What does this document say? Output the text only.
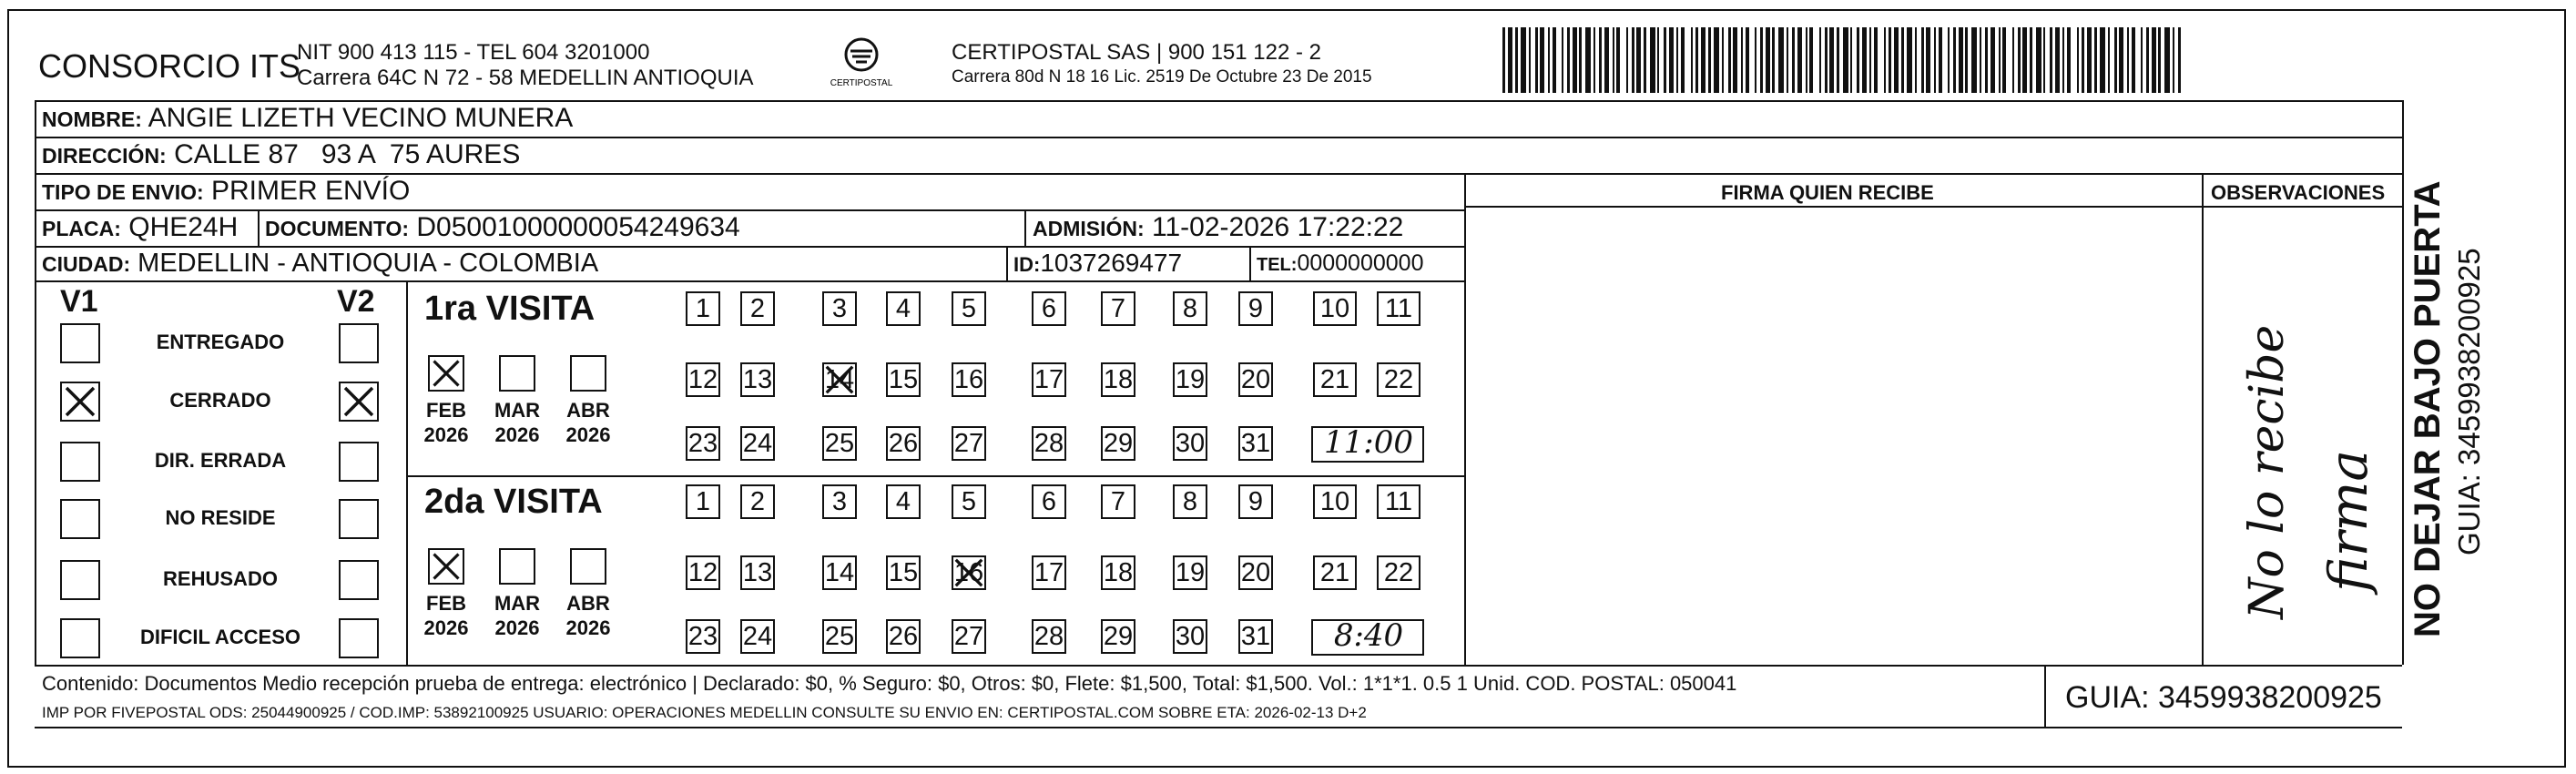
CONSORCIO ITS
NIT 900 413 115 - TEL 604 3201000
Carrera 64C N 72 - 58 MEDELLIN ANTIOQUIA	CERTIPOSTAL
CERTIPOSTAL SAS | 900 151 122 - 2
Carrera 80d N 18 16 Lic. 2519 De Octubre 23 De 2015
NOMBRE: ANGIE LIZETH VECINO MUNERA
DIRECCIÓN: CALLE 87   93 A  75 AURES
TIPO DE ENVIO: PRIMER ENVÍO	FIRMA QUIEN RECIBE	OBSERVACIONES
PLACA: QHE24H DOCUMENTO: D05001000000054249634	ADMISIÓN: 11-02-2026 17:22:22
CIUDAD: MEDELLIN - ANTIOQUIA - COLOMBIA	ID:1037269477	TEL:0000000000
V1	V2
ENTREGADO
CERRADO
DIR. ERRADA
NO RESIDE
REHUSADO
DIFICIL ACCESO
1ra VISITA
FEB
2026
MAR
2026
ABR
2026
1	2	3	4	5	6	7	8	9	10	11
12 13 14 15 16 17 18 19 20 21 22
23 24 25 26 27 28 29 30 31 11:00
2da VISITA
FEB
2026
MAR
2026
ABR
2026
1	2	3	4	5	6	7	8	9	10	11
12 13 14 15 16 17 18 19 20 21 22
23 24 25 26 27 28 29 30 31	8:40
Contenido: Documentos Medio recepción prueba de entrega: electrónico | Declarado: $0, % Seguro: $0, Otros: $0, Flete: $1,500, Total: $1,500. Vol.: 1*1*1. 0.5 1 Unid. COD. POSTAL: 050041
IMP POR FIVEPOSTAL ODS: 25044900925 / COD.IMP: 53892100925 USUARIO: OPERACIONES MEDELLIN CONSULTE SU ENVIO EN: CERTIPOSTAL.COM SOBRE ETA: 2026-02-13 D+2	GUIA: 3459938200925
NO DEJAR BAJO PUERTA GUIA: 3459938200925
No lo recibe firma
